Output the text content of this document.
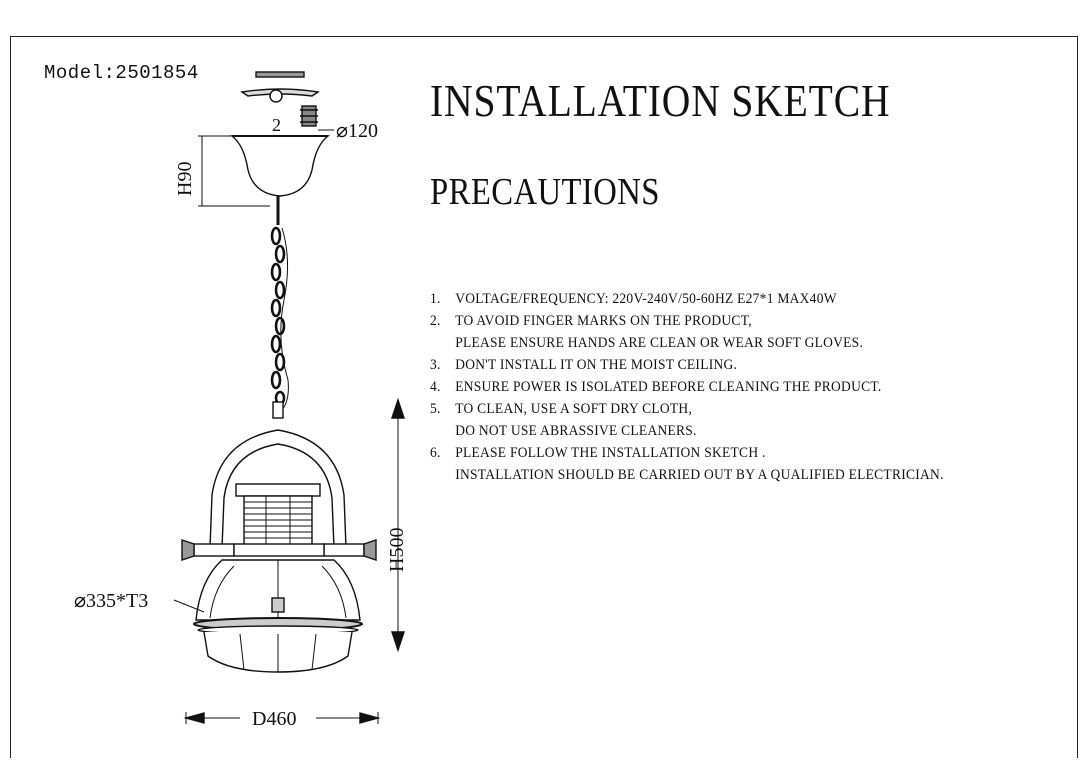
Model:2501854
INSTALLATION SKETCH
PRECAUTIONS
1. VOLTAGE/FREQUENCY: 220V-240V/50-60HZ E27*1 MAX40W
2. TO AVOID FINGER MARKS ON THE PRODUCT,
PLEASE ENSURE HANDS ARE CLEAN OR WEAR SOFT GLOVES.
3. DON'T INSTALL IT ON THE MOIST CEILING.
4. ENSURE POWER IS ISOLATED BEFORE CLEANING THE PRODUCT.
5. TO CLEAN, USE A SOFT DRY CLOTH,
DO NOT USE ABRASSIVE CLEANERS.
6. PLEASE FOLLOW THE INSTALLATION SKETCH .
INSTALLATION SHOULD BE CARRIED OUT BY A QUALIFIED ELECTRICIAN.
2	⌀120
H90
H500
⌀335*T3
D460
